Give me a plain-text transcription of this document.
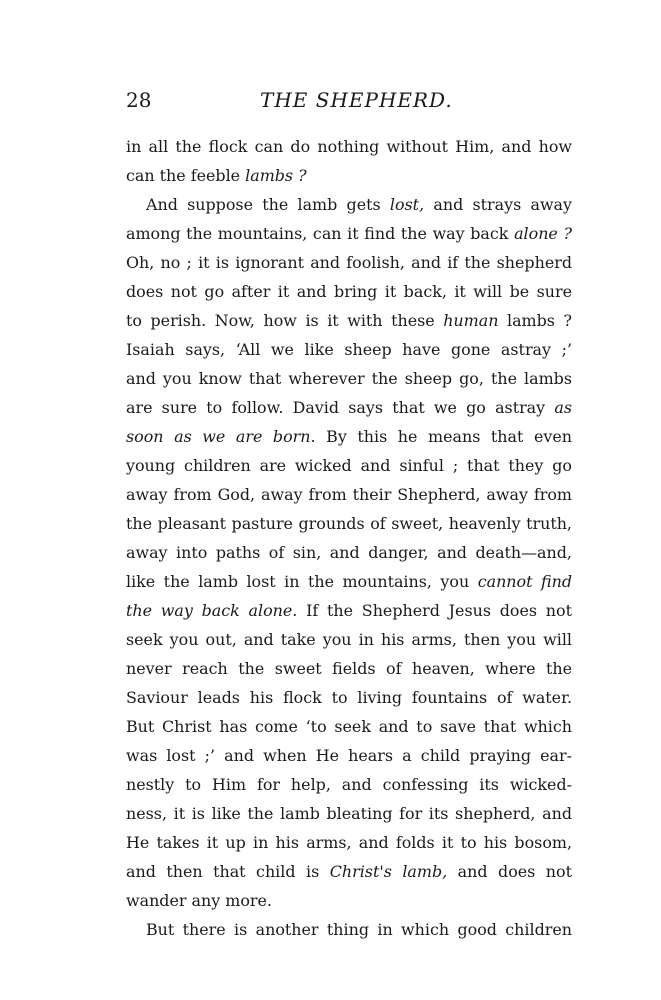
28	THE SHEPHERD.
in all the flock can do nothing without Him, and how
can the feeble lambs ?
And suppose the lamb gets lost, and strays away
among the mountains, can it find the way back alone ?
Oh, no ; it is ignorant and foolish, and if the shepherd
does not go after it and bring it back, it will be sure
to perish. Now, how is it with these human lambs ?
Isaiah says, ‘All we like sheep have gone astray ;’
and you know that wherever the sheep go, the lambs
are sure to follow. David says that we go astray as
soon as we are born. By this he means that even
young children are wicked and sinful ; that they go
away from God, away from their Shepherd, away from
the pleasant pasture grounds of sweet, heavenly truth,
away into paths of sin, and danger, and death—and,
like the lamb lost in the mountains, you cannot find
the way back alone. If the Shepherd Jesus does not
seek you out, and take you in his arms, then you will
never reach the sweet fields of heaven, where the
Saviour leads his flock to living fountains of water.
But Christ has come ‘to seek and to save that which
was lost ;’ and when He hears a child praying ear-
nestly to Him for help, and confessing its wicked-
ness, it is like the lamb bleating for its shepherd, and
He takes it up in his arms, and folds it to his bosom,
and then that child is Christ's lamb, and does not
wander any more.
But there is another thing in which good children
